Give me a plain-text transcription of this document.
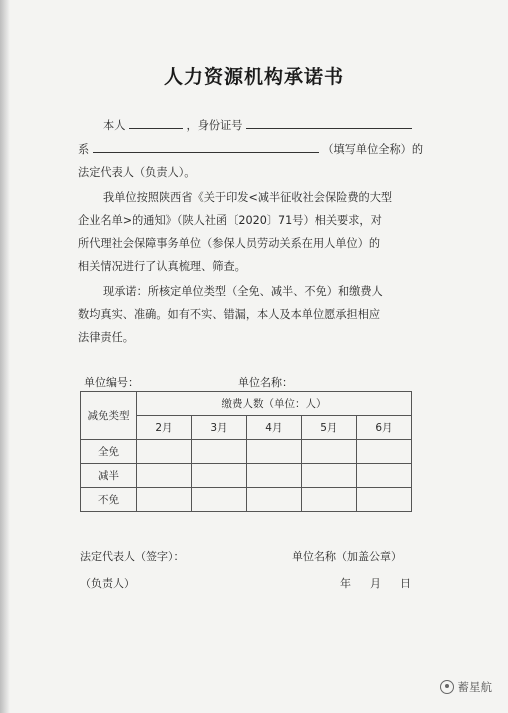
人力资源机构承诺书
本人	，身份证号
系	（填写单位全称）的
法定代表人（负责人）。
我单位按照陕西省《关于印发<减半征收社会保险费的大型
企业名单>的通知》（陕人社函〔2020〕71号）相关要求，对
所代理社会保障事务单位（参保人员劳动关系在用人单位）的
相关情况进行了认真梳理、筛查。
现承诺：所核定单位类型（全免、减半、不免）和缴费人
数均真实、准确。如有不实、错漏，本人及本单位愿承担相应
法律责任。
单位编号：	单位名称：
减免类型	缴费人数（单位：人）				
	2月	3月	4月	5月	6月
全免					
减半					
不免					
法定代表人（签字）：	单位名称（加盖公章）
（负责人）	年 月 日
蓄星航
